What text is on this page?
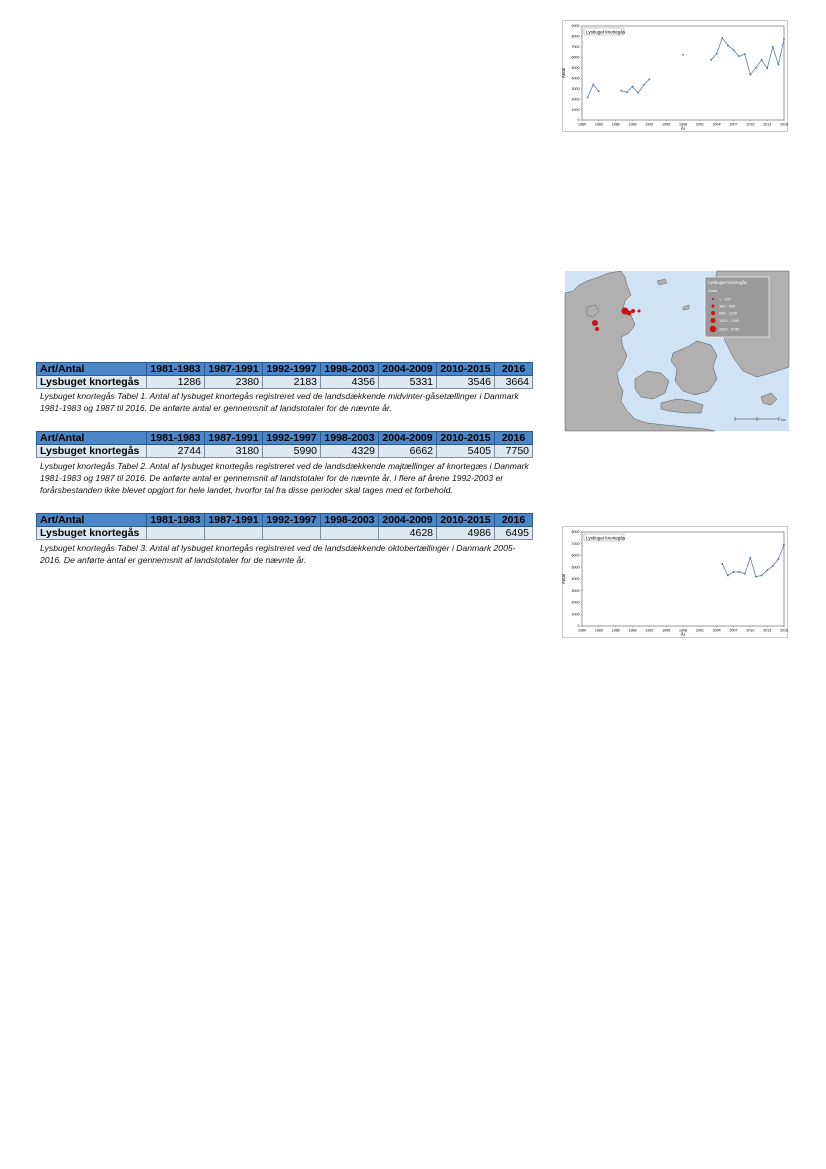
Lysbuget knortegås
0
1000
2000
3000
4000
5000
6000
7000
8000
9000
1980 1983 1986 1989 1992 1995 1998 2001 2004 2007 2010 2013 2016
Antal
År
Lysbuget knortegås
Antal
1 - 299
300 - 599
600 - 1199
1200 - 1999
2000 - 3749
km
Art/Antal	1981-1983	1987-1991	1992-1997	1998-2003	2004-2009	2010-2015	2016
Lysbuget knortegås	1286	2380	2183	4356	5331	3546	3664
Lysbuget knortegås Tabel 1. Antal af lysbuget knortegås registreret ved de landsdækkende midvinter-gåsetællinger i Danmark 1981-1983 og 1987 til 2016. De anførte antal er gennemsnit af landstotaler for de nævnte år.
Art/Antal	1981-1983	1987-1991	1992-1997	1998-2003	2004-2009	2010-2015	2016
Lysbuget knortegås	2744	3180	5990	4329	6662	5405	7750
Lysbuget knortegås Tabel 2. Antal af lysbuget knortegås registreret ved de landsdækkende majtællinger af knortegæs i Danmark 1981-1983 og 1987 til 2016. De anførte antal er gennemsnit af landstotaler for de nævnte år. I flere af årene 1992-2003 er forårsbestanden ikke blevet opgjort for hele landet, hvorfor tal fra disse perioder skal tages med et forbehold.
Art/Antal	1981-1983	1987-1991	1992-1997	1998-2003	2004-2009	2010-2015	2016
Lysbuget knortegås					4628	4986	6495
Lysbuget knortegås Tabel 3. Antal af lysbuget knortegås registreret ved de landsdækkende oktobertællinger i Danmark 2005-2016. De anførte antal er gennemsnit af landstotaler for de nævnte år.
Lysbuget knortegås
0
1000
2000
3000
4000
5000
6000
7000
8000
1980 1983 1986 1989 1992 1995 1998 2001 2004 2007 2010 2013 2016
Antal
År
